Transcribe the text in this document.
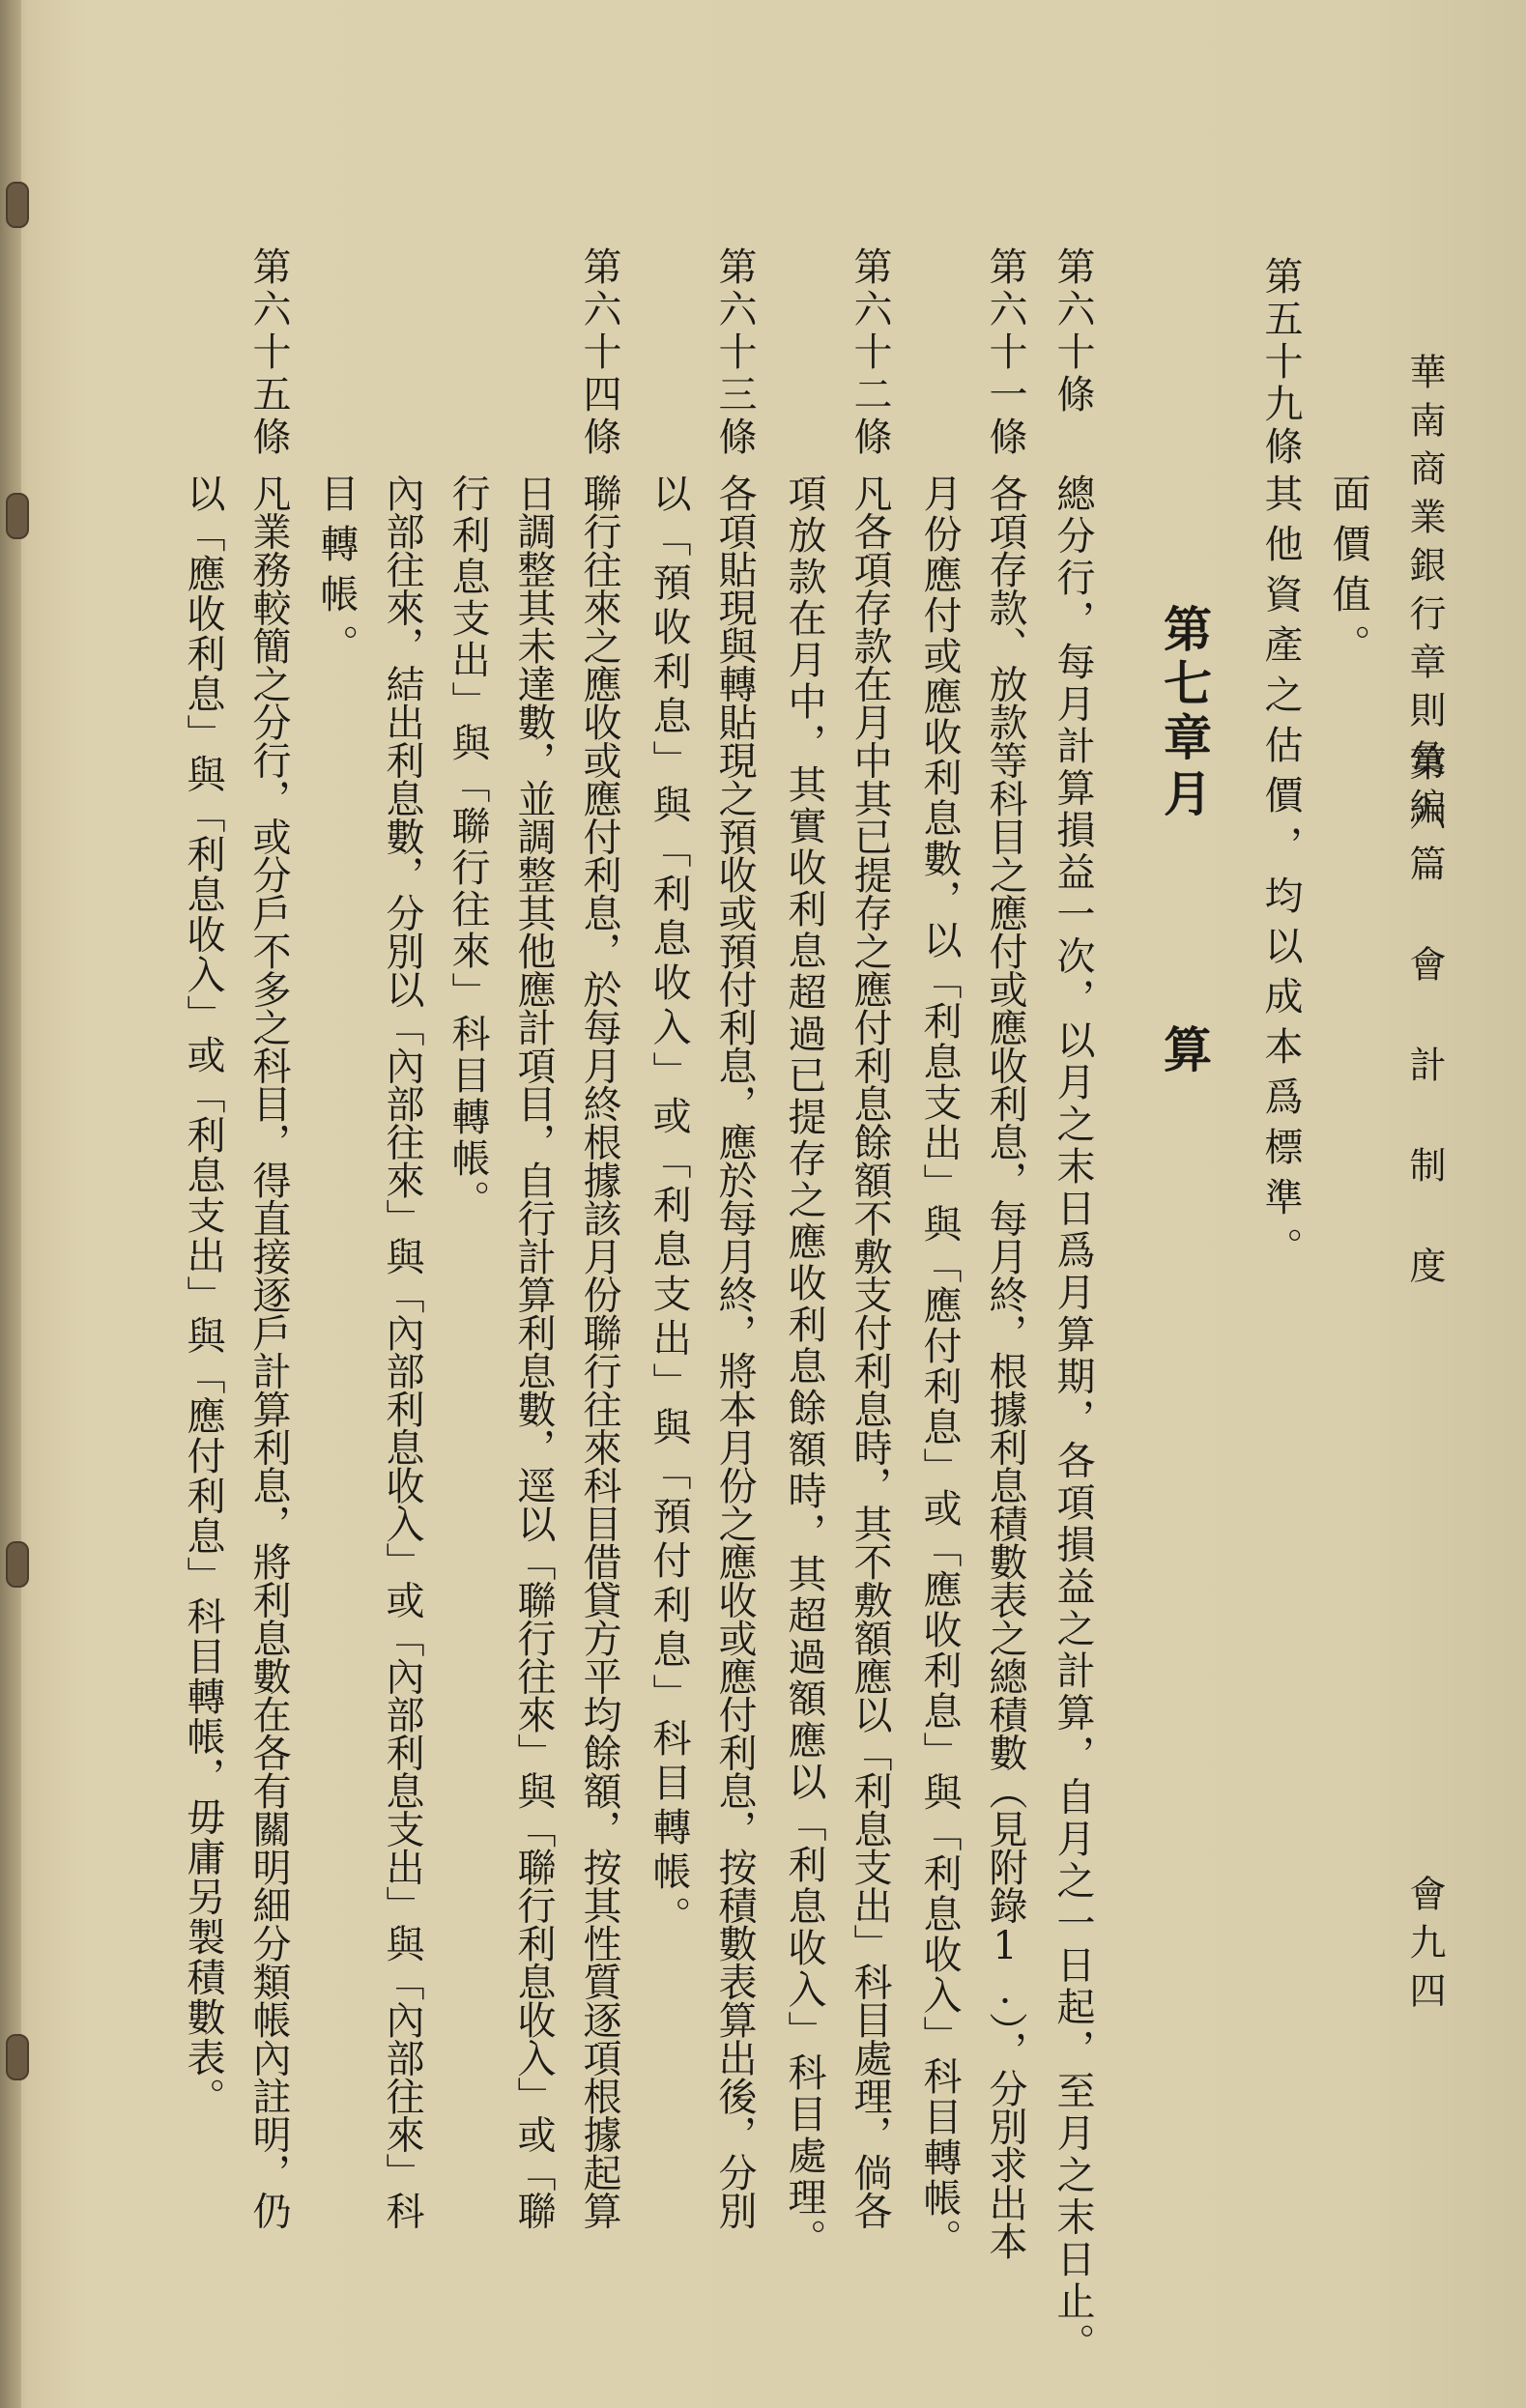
華南商業銀行章則彙編
第六篇　會　計　制　度
會九四
第五十九條
其他資產之估價，均以成本爲標準。 面價值。
第七章
月
算
第六十條
總分行，每月計算損益一次，以月之末日爲月算期，各項損益之計算，自月之一日起，至月之末日止。
第六十一條
各項存款、放款等科目之應付或應收利息，每月終，根據利息積數表之總積數（見附錄1.），分別求出本
月份應付或應收利息數，以「利息支出」與「應付利息」或「應收利息」與「利息收入」科目轉帳。
第六十二條
凡各項存款在月中其已提存之應付利息餘額不敷支付利息時，其不敷額應以「利息支出」科目處理，倘各
項放款在月中，其實收利息超過已提存之應收利息餘額時，其超過額應以「利息收入」科目處理。
第六十三條
各項貼現與轉貼現之預收或預付利息，應於每月終，將本月份之應收或應付利息，按積數表算出後，分別
以「預收利息」與「利息收入」或「利息支出」與「預付利息」科目轉帳。
第六十四條
聯行往來之應收或應付利息，於每月終根據該月份聯行往來科目借貸方平均餘額，按其性質逐項根據起算
日調整其未達數，並調整其他應計項目，自行計算利息數，逕以「聯行往來」與「聯行利息收入」或「聯
行利息支出」與「聯行往來」科目轉帳。
內部往來，結出利息數，分別以「內部往來」與「內部利息收入」或「內部利息支出」與「內部往來」科
目轉帳。
第六十五條
凡業務較簡之分行，或分戶不多之科目，得直接逐戶計算利息，將利息數在各有關明細分類帳內註明，仍
以「應收利息」與「利息收入」或「利息支出」與「應付利息」科目轉帳，毋庸另製積數表。
